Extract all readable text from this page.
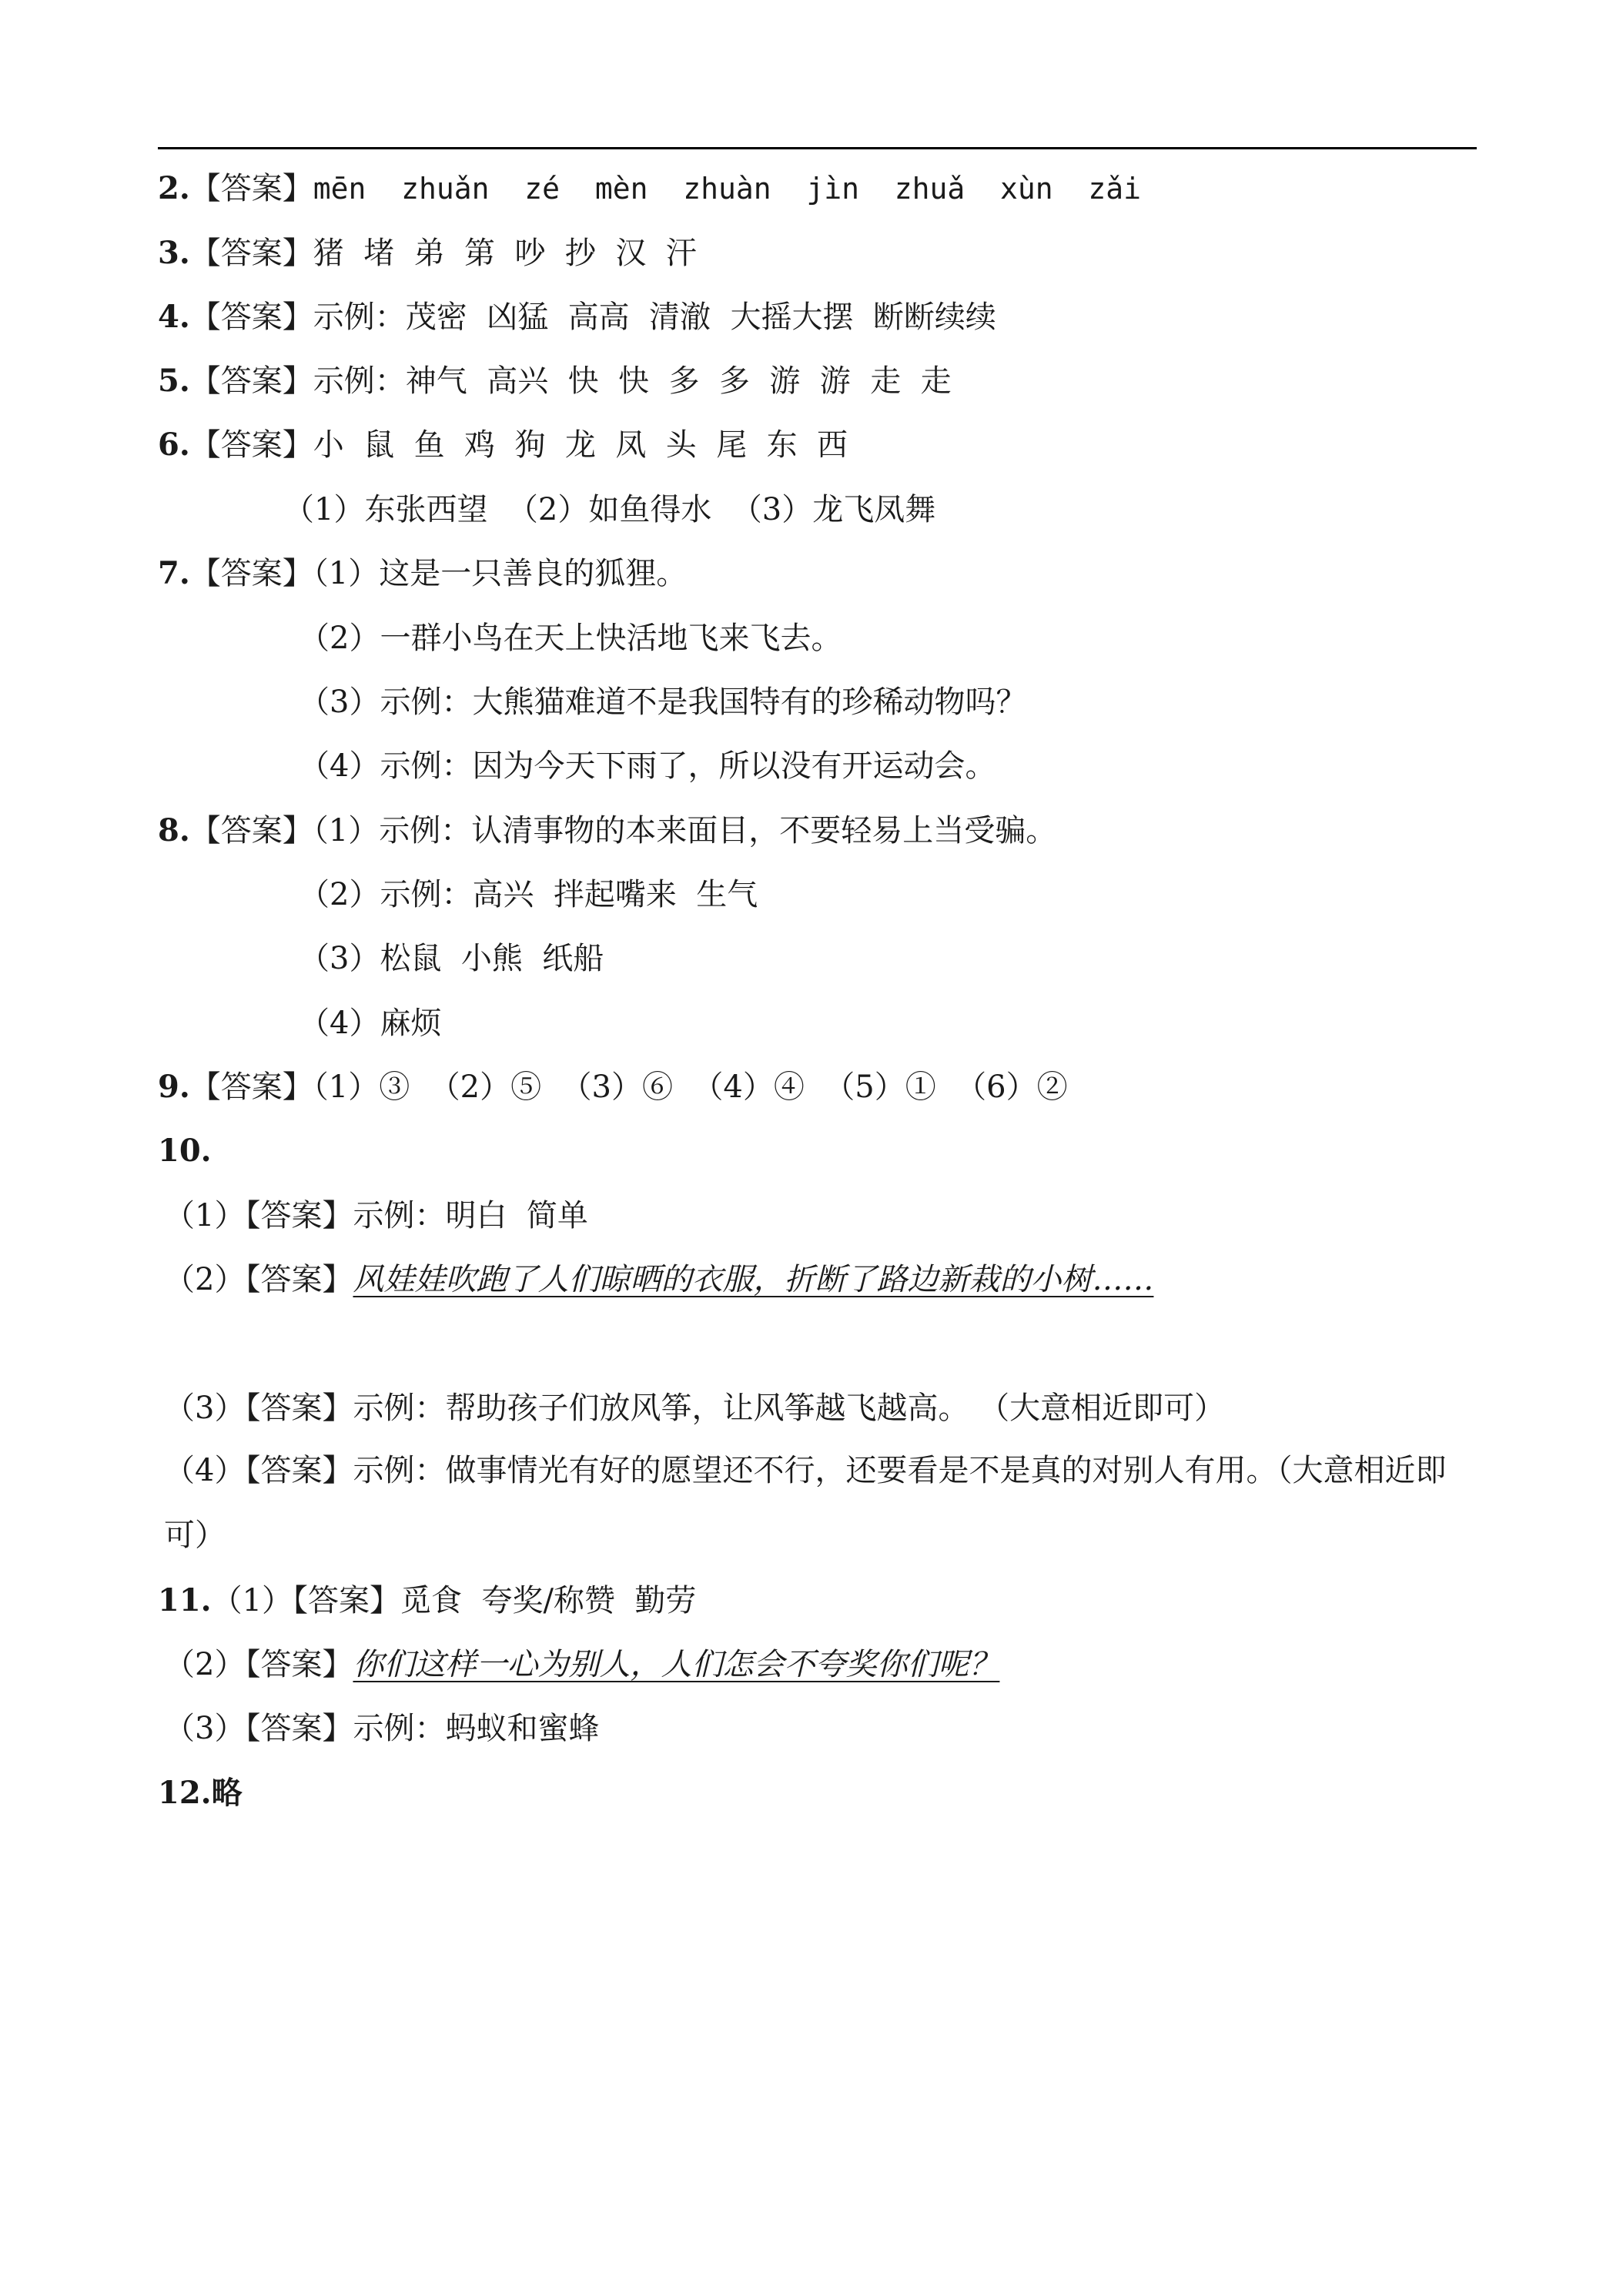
2.【答案】mēn  zhuǎn  zé  mèn  zhuàn  jìn  zhuǎ  xùn  zǎi

3.【答案】猪  堵  弟  第  吵  抄  汉  汗

4.【答案】示例：茂密  凶猛  高高  清澈  大摇大摆  断断续续

5.【答案】示例：神气  高兴  快  快  多  多  游  游  走  走

6.【答案】小  鼠  鱼  鸡  狗  龙  凤  头  尾  东  西

（1）东张西望  （2）如鱼得水  （3）龙飞凤舞

7.【答案】（1）这是一只善良的狐狸。

（2）一群小鸟在天上快活地飞来飞去。

（3）示例：大熊猫难道不是我国特有的珍稀动物吗？

（4）示例：因为今天下雨了，所以没有开运动会。

8.【答案】（1）示例：认清事物的本来面目，不要轻易上当受骗。

（2）示例：高兴  拌起嘴来  生气

（3）松鼠  小熊  纸船

（4）麻烦

9.【答案】（1）③  （2）⑤  （3）⑥  （4）④  （5）①  （6）②

10.

（1）【答案】示例：明白  简单

（2）【答案】风娃娃吹跑了人们晾晒的衣服，折断了路边新栽的小树……

（3）【答案】示例：帮助孩子们放风筝，让风筝越飞越高。 （大意相近即可）

（4）【答案】示例：做事情光有好的愿望还不行，还要看是不是真的对别人有用。（大意相近即可）

11.（1）【答案】觅食  夸奖/称赞  勤劳

（2）【答案】你们这样一心为别人，人们怎会不夸奖你们呢？

（3）【答案】示例：蚂蚁和蜜蜂

12.略
